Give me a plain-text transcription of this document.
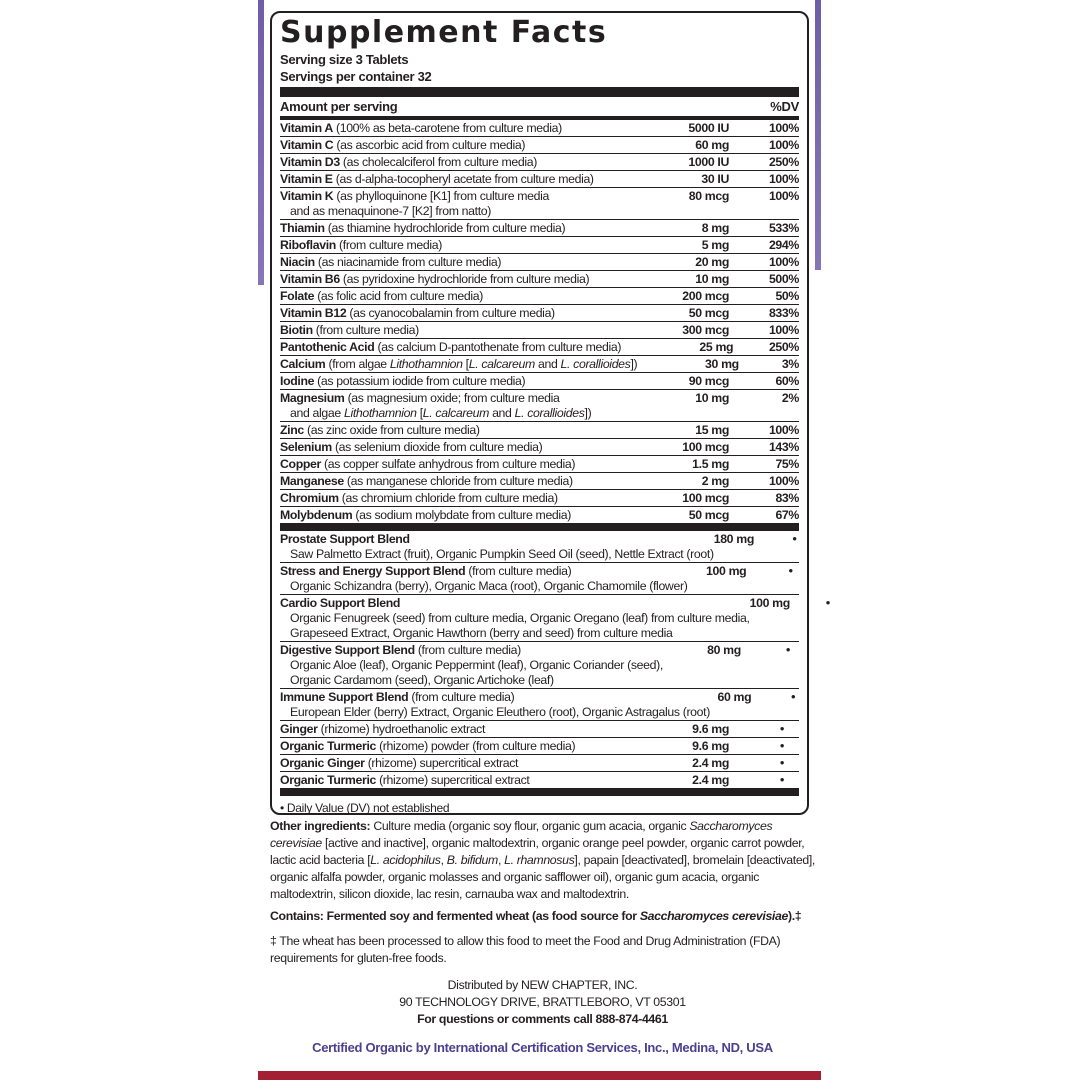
Supplement Facts
Serving size 3 Tablets
Servings per container 32
Amount per serving	%DV
Vitamin A (100% as beta-carotene from culture media)	5000 IU	100%
Vitamin C (as ascorbic acid from culture media)	60 mg	100%
Vitamin D3 (as cholecalciferol from culture media)	1000 IU	250%
Vitamin E (as d-alpha-tocopheryl acetate from culture media)	30 IU	100%
Vitamin K (as phylloquinone [K1] from culture media
and as menaquinone-7 [K2] from natto)
80 mcg	100%
Thiamin (as thiamine hydrochloride from culture media)	8 mg	533%
Riboflavin (from culture media)	5 mg	294%
Niacin (as niacinamide from culture media)	20 mg	100%
Vitamin B6 (as pyridoxine hydrochloride from culture media)	10 mg	500%
Folate (as folic acid from culture media)	200 mcg	50%
Vitamin B12 (as cyanocobalamin from culture media)	50 mcg	833%
Biotin (from culture media)	300 mcg	100%
Pantothenic Acid (as calcium D-pantothenate from culture media)	25 mg	250%
Calcium (from algae Lithothamnion [L. calcareum and L. corallioides])	30 mg	3%
Iodine (as potassium iodide from culture media)	90 mcg	60%
Magnesium (as magnesium oxide; from culture media
and algae Lithothamnion [L. calcareum and L. corallioides])
10 mg	2%
Zinc (as zinc oxide from culture media)	15 mg	100%
Selenium (as selenium dioxide from culture media)	100 mcg	143%
Copper (as copper sulfate anhydrous from culture media)	1.5 mg	75%
Manganese (as manganese chloride from culture media)	2 mg	100%
Chromium (as chromium chloride from culture media)	100 mcg	83%
Molybdenum (as sodium molybdate from culture media)	50 mcg	67%
Prostate Support Blend
Saw Palmetto Extract (fruit), Organic Pumpkin Seed Oil (seed), Nettle Extract (root)
180 mg	•
Stress and Energy Support Blend (from culture media)
Organic Schizandra (berry), Organic Maca (root), Organic Chamomile (flower)
100 mg	•
Cardio Support Blend
Organic Fenugreek (seed) from culture media, Organic Oregano (leaf) from culture media,
Grapeseed Extract, Organic Hawthorn (berry and seed) from culture media
100 mg	•
Digestive Support Blend (from culture media)
Organic Aloe (leaf), Organic Peppermint (leaf), Organic Coriander (seed),
Organic Cardamom (seed), Organic Artichoke (leaf)
80 mg	•
Immune Support Blend (from culture media)
European Elder (berry) Extract, Organic Eleuthero (root), Organic Astragalus (root)
60 mg	•
Ginger (rhizome) hydroethanolic extract	9.6 mg	•
Organic Turmeric (rhizome) powder (from culture media)	9.6 mg	•
Organic Ginger (rhizome) supercritical extract	2.4 mg	•
Organic Turmeric (rhizome) supercritical extract	2.4 mg	•
• Daily Value (DV) not established
Other ingredients: Culture media (organic soy flour, organic gum acacia, organic Saccharomyces cerevisiae [active and inactive], organic maltodextrin, organic orange peel powder, organic carrot powder, lactic acid bacteria [L. acidophilus, B. bifidum, L. rhamnosus], papain [deactivated], bromelain [deactivated], organic alfalfa powder, organic molasses and organic safflower oil), organic gum acacia, organic maltodextrin, silicon dioxide, lac resin, carnauba wax and maltodextrin.
Contains: Fermented soy and fermented wheat (as food source for Saccharomyces cerevisiae).‡
‡ The wheat has been processed to allow this food to meet the Food and Drug Administration (FDA) requirements for gluten-free foods.
Distributed by NEW CHAPTER, INC.
90 TECHNOLOGY DRIVE, BRATTLEBORO, VT 05301
For questions or comments call 888-874-4461
Certified Organic by International Certification Services, Inc., Medina, ND, USA
